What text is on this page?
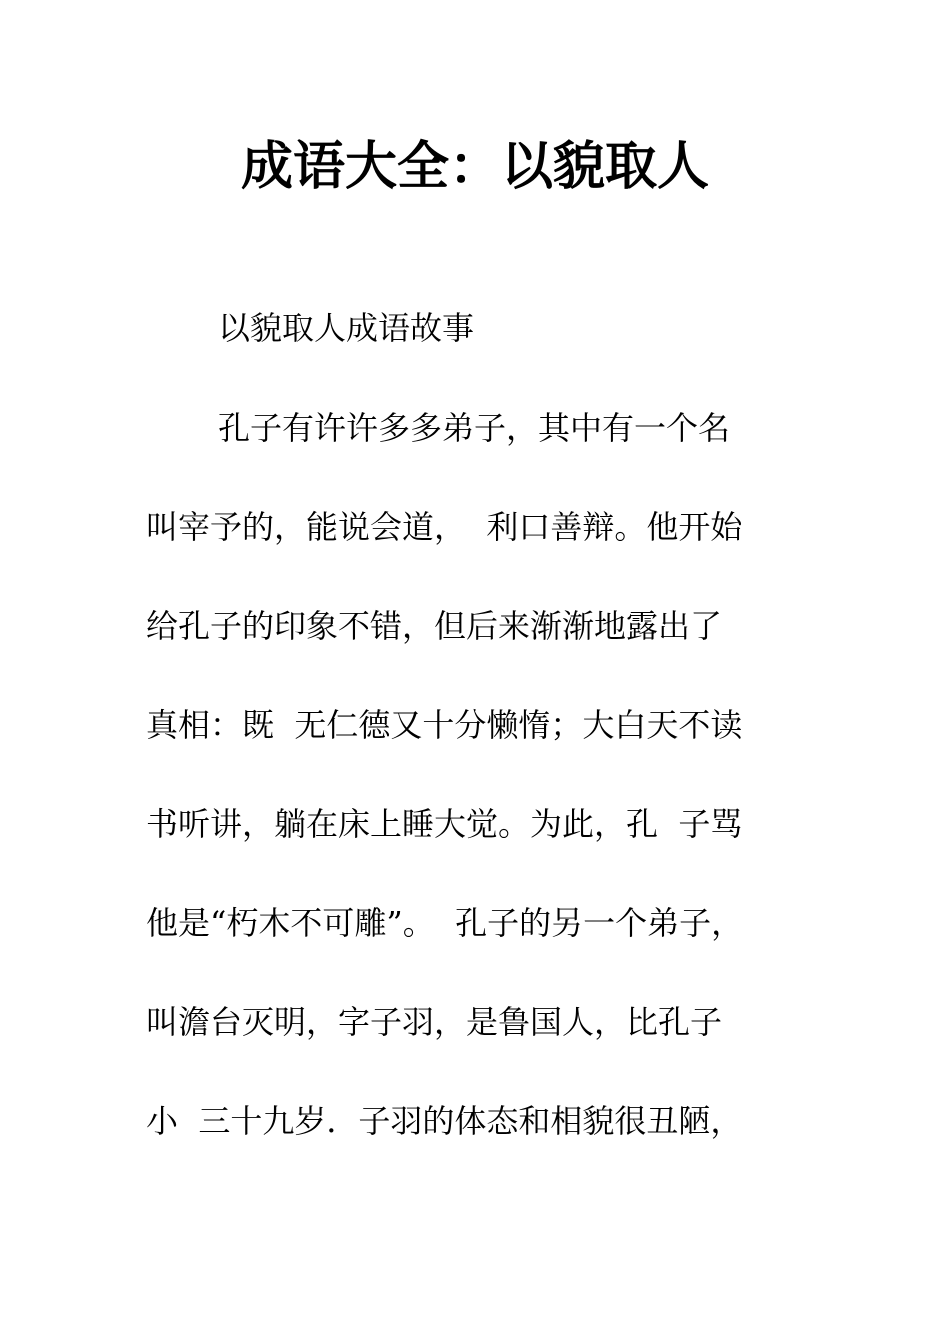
成语大全：以貌取人
以貌取人成语故事
孔子有许许多多弟子，其中有一个名
叫宰予的，能说会道，  利口善辩。他开始
给孔子的印象不错，但后来渐渐地露出了
真相：既  无仁德又十分懒惰；大白天不读
书听讲，躺在床上睡大觉。为此，孔  子骂
他是“朽木不可雕”。  孔子的另一个弟子，
叫澹台灭明，字子羽，是鲁国人，比孔子
小  三十九岁．子羽的体态和相貌很丑陋，
